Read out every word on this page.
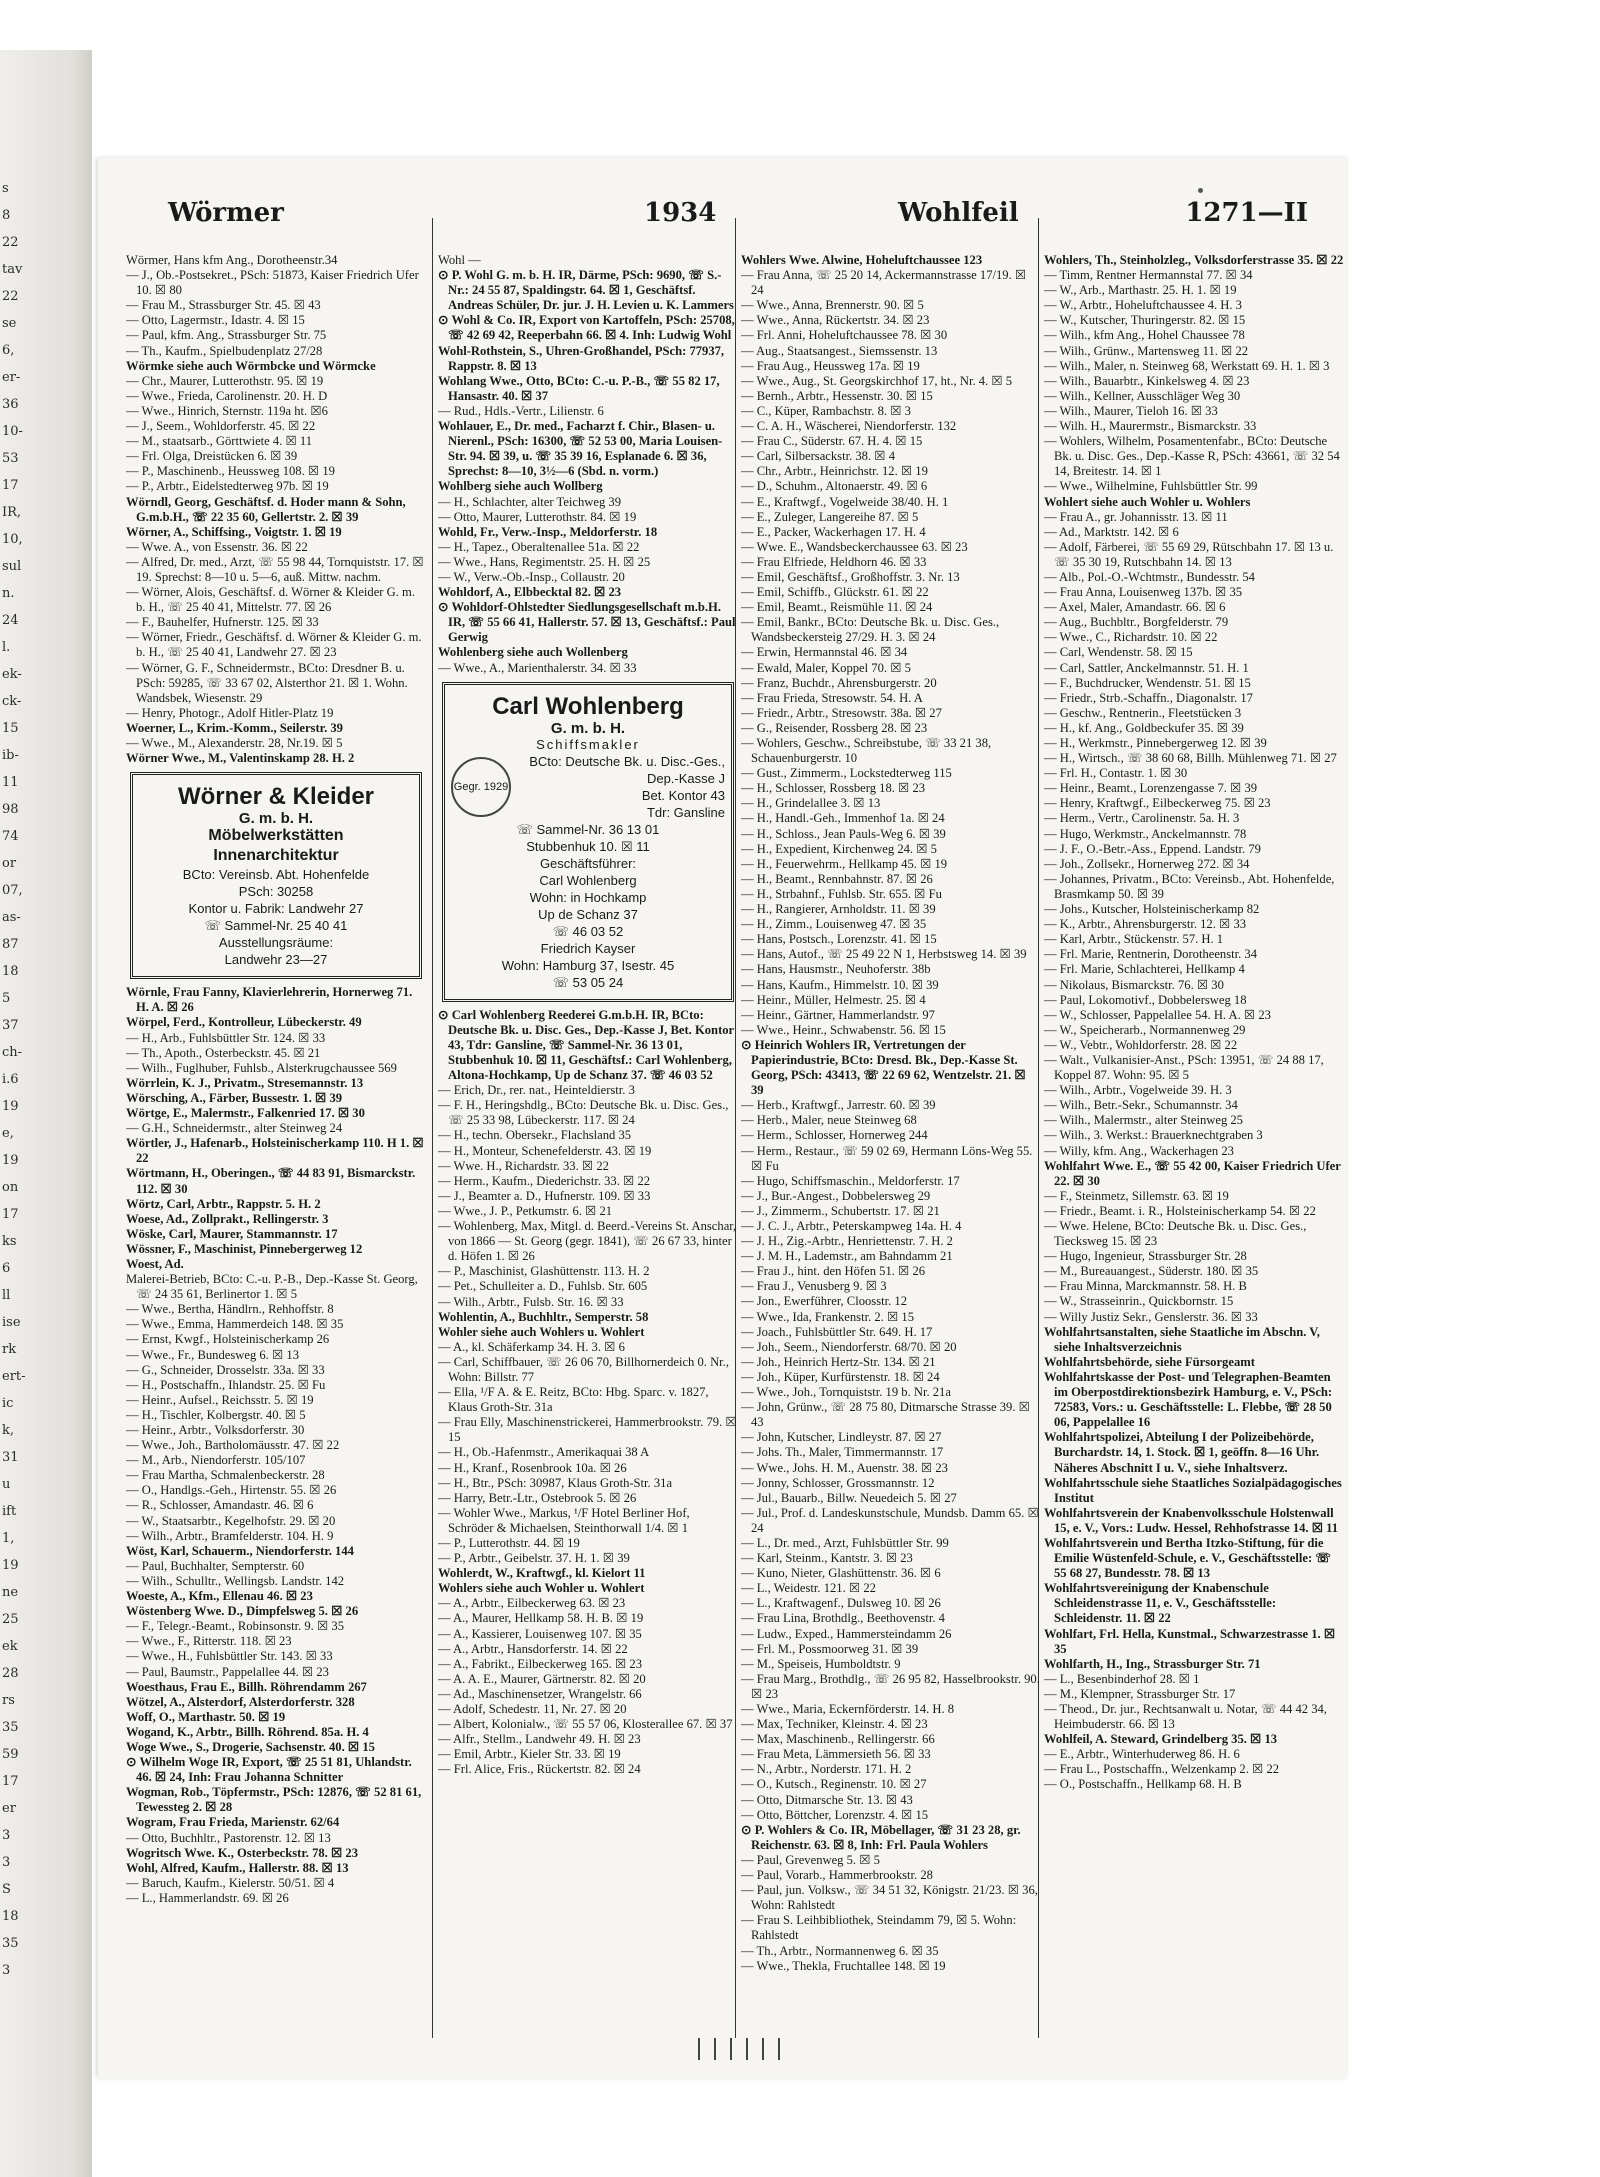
s
8
22
tav
22
se
6,
er-
36
10-
53
17
IR,
10,
sul
n.
24
l.
ek-
ck-
15
ib-
11
98
74
or
07,
as-
87
18
5
37
ch-
i.6
19
e,
19
on
17
ks
6
ll
ise
rk
ert-
ic
k,
31
u
ift
1,
19
ne
25
ek
28
rs
35
59
17
er
3
3
S
18
35
3
Wörmer	1934	Wohlfeil	1271—II

Wörmer, Hans kfm Ang., Dorotheenstr.34

— J., Ob.-Postsekret., PSch: 51873, Kaiser Friedrich Ufer 10. ☒ 80

— Frau M., Strassburger Str. 45. ☒ 43

— Otto, Lagermstr., Idastr. 4. ☒ 15

— Paul, kfm. Ang., Strassburger Str. 75

— Th., Kaufm., Spielbudenplatz 27/28

Wörmke siehe auch Wörmbcke und Wörmcke

— Chr., Maurer, Lutterothstr. 95. ☒ 19

— Wwe., Frieda, Carolinenstr. 20. H. D

— Wwe., Hinrich, Sternstr. 119a ht. ☒6

— J., Seem., Wohldorferstr. 45. ☒ 22

— M., staatsarb., Görttwiete 4. ☒ 11

— Frl. Olga, Dreistücken 6. ☒ 39

— P., Maschinenb., Heussweg 108. ☒ 19

— P., Arbtr., Eidelstedterweg 97b. ☒ 19

Wörndl, Georg, Geschäftsf. d. Hoder mann & Sohn, G.m.b.H., ☏ 22 35 60, Gellertstr. 2. ☒ 39

Wörner, A., Schiffsing., Voigtstr. 1. ☒ 19

— Wwe. A., von Essenstr. 36. ☒ 22

— Alfred, Dr. med., Arzt, ☏ 55 98 44, Tornquiststr. 17. ☒ 19. Sprechst: 8—10 u. 5—6, auß. Mittw. nachm.

— Wörner, Alois, Geschäftsf. d. Wörner & Kleider G. m. b. H., ☏ 25 40 41, Mittelstr. 77. ☒ 26

— F., Bauhelfer, Hufnerstr. 125. ☒ 33

— Wörner, Friedr., Geschäftsf. d. Wörner & Kleider G. m. b. H., ☏ 25 40 41, Landwehr 27. ☒ 23

— Wörner, G. F., Schneidermstr., BCto: Dresdner B. u. PSch: 59285, ☏ 33 67 02, Alsterthor 21. ☒ 1. Wohn. Wandsbek, Wiesenstr. 29

— Henry, Photogr., Adolf Hitler-Platz 19

Woerner, L., Krim.-Komm., Seilerstr. 39

— Wwe., M., Alexanderstr. 28, Nr.19. ☒ 5

Wörner Wwe., M., Valentinskamp 28. H. 2

Wörner & Kleider
G. m. b. H.
Möbelwerkstätten
Innenarchitektur
BCto: Vereinsb. Abt. Hohenfelde
PSch: 30258
Kontor u. Fabrik: Landwehr 27
☏ Sammel-Nr. 25 40 41
Ausstellungsräume:
Landwehr 23—27

Wörnle, Frau Fanny, Klavierlehrerin, Hornerweg 71. H. A. ☒ 26

Wörpel, Ferd., Kontrolleur, Lübeckerstr. 49

— H., Arb., Fuhlsbüttler Str. 124. ☒ 33

— Th., Apoth., Osterbeckstr. 45. ☒ 21

— Wilh., Fuglhuber, Fuhlsb., Alsterkrugchaussee 569

Wörrlein, K. J., Privatm., Stresemannstr. 13

Wörsching, A., Färber, Bussestr. 1. ☒ 39

Wörtge, E., Malermstr., Falkenried 17. ☒ 30

— G.H., Schneidermstr., alter Steinweg 24

Wörtler, J., Hafenarb., Holsteinischerkamp 110. H 1. ☒ 22

Wörtmann, H., Oberingen., ☏ 44 83 91, Bismarckstr. 112. ☒ 30

Wörtz, Carl, Arbtr., Rappstr. 5. H. 2

Woese, Ad., Zollprakt., Rellingerstr. 3

Wöske, Carl, Maurer, Stammannstr. 17

Wössner, F., Maschinist, Pinnebergerweg 12

Woest, Ad.

Malerei-Betrieb, BCto: C.-u. P.-B., Dep.-Kasse St. Georg, ☏ 24 35 61, Berlinertor 1. ☒ 5

— Wwe., Bertha, Händlrn., Rehhoffstr. 8

— Wwe., Emma, Hammerdeich 148. ☒ 35

— Ernst, Kwgf., Holsteinischerkamp 26

— Wwe., Fr., Bundesweg 6. ☒ 13

— G., Schneider, Drosselstr. 33a. ☒ 33

— H., Postschaffn., Ihlandstr. 25. ☒ Fu

— Heinr., Aufsel., Reichsstr. 5. ☒ 19

— H., Tischler, Kolbergstr. 40. ☒ 5

— Heinr., Arbtr., Volksdorferstr. 30

— Wwe., Joh., Bartholomäusstr. 47. ☒ 22

— M., Arb., Niendorferstr. 105/107

— Frau Martha, Schmalenbeckerstr. 28

— O., Handlgs.-Geh., Hirtenstr. 55. ☒ 26

— R., Schlosser, Amandastr. 46. ☒ 6

— W., Staatsarbtr., Kegelhofstr. 29. ☒ 20

— Wilh., Arbtr., Bramfelderstr. 104. H. 9

Wöst, Karl, Schauerm., Niendorferstr. 144

— Paul, Buchhalter, Sempterstr. 60

— Wilh., Schulltr., Wellingsb. Landstr. 142

Woeste, A., Kfm., Ellenau 46. ☒ 23

Wöstenberg Wwe. D., Dimpfelsweg 5. ☒ 26

— F., Telegr.-Beamt., Robinsonstr. 9. ☒ 35

— Wwe., F., Ritterstr. 118. ☒ 23

— Wwe., H., Fuhlsbüttler Str. 143. ☒ 33

— Paul, Baumstr., Pappelallee 44. ☒ 23

Woesthaus, Frau E., Billh. Röhrendamm 267

Wötzel, A., Alsterdorf, Alsterdorferstr. 328

Woff, O., Marthastr. 50. ☒ 19

Wogand, K., Arbtr., Billh. Röhrend. 85a. H. 4

Woge Wwe., S., Drogerie, Sachsenstr. 40. ☒ 15

⊙ Wilhelm Woge IR, Export, ☏ 25 51 81, Uhlandstr. 46. ☒ 24, Inh: Frau Johanna Schnitter

Wogman, Rob., Töpfermstr., PSch: 12876, ☏ 52 81 61, Tewessteg 2. ☒ 28

Wogram, Frau Frieda, Marienstr. 62/64

— Otto, Buchhltr., Pastorenstr. 12. ☒ 13

Wogritsch Wwe. K., Osterbeckstr. 78. ☒ 23

Wohl, Alfred, Kaufm., Hallerstr. 88. ☒ 13

— Baruch, Kaufm., Kielerstr. 50/51. ☒ 4

— L., Hammerlandstr. 69. ☒ 26

Wohl —

⊙ P. Wohl G. m. b. H. IR, Därme, PSch: 9690, ☏ S.-Nr.: 24 55 87, Spaldingstr. 64. ☒ 1, Geschäftsf. Andreas Schüler, Dr. jur. J. H. Levien u. K. Lammers

⊙ Wohl & Co. IR, Export von Kartoffeln, PSch: 25708, ☏ 42 69 42, Reeperbahn 66. ☒ 4. Inh: Ludwig Wohl

Wohl-Rothstein, S., Uhren-Großhandel, PSch: 77937, Rappstr. 8. ☒ 13

Wohlang Wwe., Otto, BCto: C.-u. P.-B., ☏ 55 82 17, Hansastr. 40. ☒ 37

— Rud., Hdls.-Vertr., Lilienstr. 6

Wohlauer, E., Dr. med., Facharzt f. Chir., Blasen- u. Nierenl., PSch: 16300, ☏ 52 53 00, Maria Louisen-Str. 94. ☒ 39, u. ☏ 35 39 16, Esplanade 6. ☒ 36, Sprechst: 8—10, 3½—6 (Sbd. n. vorm.)

Wohlberg siehe auch Wollberg

— H., Schlachter, alter Teichweg 39

— Otto, Maurer, Lutterothstr. 84. ☒ 19

Wohld, Fr., Verw.-Insp., Meldorferstr. 18

— H., Tapez., Oberaltenallee 51a. ☒ 22

— Wwe., Hans, Regimentstr. 25. H. ☒ 25

— W., Verw.-Ob.-Insp., Collaustr. 20

Wohldorf, A., Elbbecktal 82. ☒ 23

⊙ Wohldorf-Ohlstedter Siedlungsgesellschaft m.b.H. IR, ☏ 55 66 41, Hallerstr. 57. ☒ 13, Geschäftsf.: Paul Gerwig

Wohlenberg siehe auch Wollenberg

— Wwe., A., Marienthalerstr. 34. ☒ 33

Carl Wohlenberg
G. m. b. H.
Schiffsmakler
Gegr. 1929
BCto: Deutsche Bk. u. Disc.-Ges., Dep.-Kasse J
Bet. Kontor 43
Tdr: Gansline
☏ Sammel-Nr. 36 13 01
Stubbenhuk 10. ☒ 11
Geschäftsführer:
Carl Wohlenberg
Wohn: in Hochkamp
Up de Schanz 37
☏ 46 03 52
Friedrich Kayser
Wohn: Hamburg 37, Isestr. 45
☏ 53 05 24

⊙ Carl Wohlenberg Reederei G.m.b.H. IR, BCto: Deutsche Bk. u. Disc. Ges., Dep.-Kasse J, Bet. Kontor 43, Tdr: Gansline, ☏ Sammel-Nr. 36 13 01, Stubbenhuk 10. ☒ 11, Geschäftsf.: Carl Wohlenberg, Altona-Hochkamp, Up de Schanz 37. ☏ 46 03 52

— Erich, Dr., rer. nat., Heinteldierstr. 3

— F. H., Heringshdlg., BCto: Deutsche Bk. u. Disc. Ges., ☏ 25 33 98, Lübeckerstr. 117. ☒ 24

— H., techn. Obersekr., Flachsland 35

— H., Monteur, Schenefelderstr. 43. ☒ 19

— Wwe. H., Richardstr. 33. ☒ 22

— Herm., Kaufm., Diederichstr. 33. ☒ 22

— J., Beamter a. D., Hufnerstr. 109. ☒ 33

— Wwe., J. P., Petkumstr. 6. ☒ 21

— Wohlenberg, Max, Mitgl. d. Beerd.-Vereins St. Anschar, von 1866 — St. Georg (gegr. 1841), ☏ 26 67 33, hinter d. Höfen 1. ☒ 26

— P., Maschinist, Glashüttenstr. 113. H. 2

— Pet., Schulleiter a. D., Fuhlsb. Str. 605

— Wilh., Arbtr., Fulsb. Str. 16. ☒ 33

Wohlentin, A., Buchhltr., Semperstr. 58

Wohler siehe auch Wohlers u. Wohlert

— A., kl. Schäferkamp 34. H. 3. ☒ 6

— Carl, Schiffbauer, ☏ 26 06 70, Billhornerdeich 0. Nr., Wohn: Billstr. 77

— Ella, ¹/F A. & E. Reitz, BCto: Hbg. Sparc. v. 1827, Klaus Groth-Str. 31a

— Frau Elly, Maschinenstrickerei, Hammerbrookstr. 79. ☒ 15

— H., Ob.-Hafenmstr., Amerikaquai 38 A

— H., Kranf., Rosenbrook 10a. ☒ 26

— H., Btr., PSch: 30987, Klaus Groth-Str. 31a

— Harry, Betr.-Ltr., Ostebrook 5. ☒ 26

— Wohler Wwe., Markus, ¹/F Hotel Berliner Hof, Schröder & Michaelsen, Steinthorwall 1/4. ☒ 1

— P., Lutterothstr. 44. ☒ 19

— P., Arbtr., Geibelstr. 37. H. 1. ☒ 39

Wohlerdt, W., Kraftwgf., kl. Kielort 11

Wohlers siehe auch Wohler u. Wohlert

— A., Arbtr., Eilbeckerweg 63. ☒ 23

— A., Maurer, Hellkamp 58. H. B. ☒ 19

— A., Kassierer, Louisenweg 107. ☒ 35

— A., Arbtr., Hansdorferstr. 14. ☒ 22

— A., Fabrikt., Eilbeckerweg 165. ☒ 23

— A. A. E., Maurer, Gärtnerstr. 82. ☒ 20

— Ad., Maschinensetzer, Wrangelstr. 66

— Adolf, Schedestr. 11, Nr. 27. ☒ 20

— Albert, Kolonialw., ☏ 55 57 06, Klosterallee 67. ☒ 37

— Alfr., Stellm., Landwehr 49. H. ☒ 23

— Emil, Arbtr., Kieler Str. 33. ☒ 19

— Frl. Alice, Fris., Rückertstr. 82. ☒ 24

Wohlers Wwe. Alwine, Hoheluftchaussee 123

— Frau Anna, ☏ 25 20 14, Ackermannstrasse 17/19. ☒ 24

— Wwe., Anna, Brennerstr. 90. ☒ 5

— Wwe., Anna, Rückertstr. 34. ☒ 23

— Frl. Anni, Hoheluftchaussee 78. ☒ 30

— Aug., Staatsangest., Siemssenstr. 13

— Frau Aug., Heussweg 17a. ☒ 19

— Wwe., Aug., St. Georgskirchhof 17, ht., Nr. 4. ☒ 5

— Bernh., Arbtr., Hessenstr. 30. ☒ 15

— C., Küper, Rambachstr. 8. ☒ 3

— C. A. H., Wäscherei, Niendorferstr. 132

— Frau C., Süderstr. 67. H. 4. ☒ 15

— Carl, Silbersackstr. 38. ☒ 4

— Chr., Arbtr., Heinrichstr. 12. ☒ 19

— D., Schuhm., Altonaerstr. 49. ☒ 6

— E., Kraftwgf., Vogelweide 38/40. H. 1

— E., Zuleger, Langereihe 87. ☒ 5

— E., Packer, Wackerhagen 17. H. 4

— Wwe. E., Wandsbeckerchaussee 63. ☒ 23

— Frau Elfriede, Heldhorn 46. ☒ 33

— Emil, Geschäftsf., Großhoffstr. 3. Nr. 13

— Emil, Schiffb., Glückstr. 61. ☒ 22

— Emil, Beamt., Reismühle 11. ☒ 24

— Emil, Bankr., BCto: Deutsche Bk. u. Disc. Ges., Wandsbeckersteig 27/29. H. 3. ☒ 24

— Erwin, Hermannstal 46. ☒ 34

— Ewald, Maler, Koppel 70. ☒ 5

— Franz, Buchdr., Ahrensburgerstr. 20

— Frau Frieda, Stresowstr. 54. H. A

— Friedr., Arbtr., Stresowstr. 38a. ☒ 27

— G., Reisender, Rossberg 28. ☒ 23

— Wohlers, Geschw., Schreibstube, ☏ 33 21 38, Schauenburgerstr. 10

— Gust., Zimmerm., Lockstedterweg 115

— H., Schlosser, Rossberg 18. ☒ 23

— H., Grindelallee 3. ☒ 13

— H., Handl.-Geh., Immenhof 1a. ☒ 24

— H., Schloss., Jean Pauls-Weg 6. ☒ 39

— H., Expedient, Kirchenweg 24. ☒ 5

— H., Feuerwehrm., Hellkamp 45. ☒ 19

— H., Beamt., Rennbahnstr. 87. ☒ 26

— H., Strbahnf., Fuhlsb. Str. 655. ☒ Fu

— H., Rangierer, Arnholdstr. 11. ☒ 39

— H., Zimm., Louisenweg 47. ☒ 35

— Hans, Postsch., Lorenzstr. 41. ☒ 15

— Hans, Autof., ☏ 25 49 22 N 1, Herbstsweg 14. ☒ 39

— Hans, Hausmstr., Neuhoferstr. 38b

— Hans, Kaufm., Himmelstr. 10. ☒ 39

— Heinr., Müller, Helmestr. 25. ☒ 4

— Heinr., Gärtner, Hammerlandstr. 97

— Wwe., Heinr., Schwabenstr. 56. ☒ 15

⊙ Heinrich Wohlers IR, Vertretungen der Papierindustrie, BCto: Dresd. Bk., Dep.-Kasse St. Georg, PSch: 43413, ☏ 22 69 62, Wentzelstr. 21. ☒ 39

— Herb., Kraftwgf., Jarrestr. 60. ☒ 39

— Herb., Maler, neue Steinweg 68

— Herm., Schlosser, Hornerweg 244

— Herm., Restaur., ☏ 59 02 69, Hermann Löns-Weg 55. ☒ Fu

— Hugo, Schiffsmaschin., Meldorferstr. 17

— J., Bur.-Angest., Dobbelersweg 29

— J., Zimmerm., Schubertstr. 17. ☒ 21

— J. C. J., Arbtr., Peterskampweg 14a. H. 4

— J. H., Zig.-Arbtr., Henriettenstr. 7. H. 2

— J. M. H., Lademstr., am Bahndamm 21

— Frau J., hint. den Höfen 51. ☒ 26

— Frau J., Venusberg 9. ☒ 3

— Jon., Ewerführer, Cloosstr. 12

— Wwe., Ida, Frankenstr. 2. ☒ 15

— Joach., Fuhlsbüttler Str. 649. H. 17

— Joh., Seem., Niendorferstr. 68/70. ☒ 20

— Joh., Heinrich Hertz-Str. 134. ☒ 21

— Joh., Küper, Kurfürstenstr. 18. ☒ 24

— Wwe., Joh., Tornquiststr. 19 b. Nr. 21a

— John, Grünw., ☏ 28 75 80, Ditmarsche Strasse 39. ☒ 43

— John, Kutscher, Lindleystr. 87. ☒ 27

— Johs. Th., Maler, Timmermannstr. 17

— Wwe., Johs. H. M., Auenstr. 38. ☒ 23

— Jonny, Schlosser, Grossmannstr. 12

— Jul., Bauarb., Billw. Neuedeich 5. ☒ 27

— Jul., Prof. d. Landeskunstschule, Mundsb. Damm 65. ☒ 24

— L., Dr. med., Arzt, Fuhlsbüttler Str. 99

— Karl, Steinm., Kantstr. 3. ☒ 23

— Kuno, Nieter, Glashüttenstr. 36. ☒ 6

— L., Weidestr. 121. ☒ 22

— L., Kraftwagenf., Dulsweg 10. ☒ 26

— Frau Lina, Brothdlg., Beethovenstr. 4

— Ludw., Exped., Hammersteindamm 26

— Frl. M., Possmoorweg 31. ☒ 39

— M., Speiseis, Humboldtstr. 9

— Frau Marg., Brothdlg., ☏ 26 95 82, Hasselbrookstr. 90. ☒ 23

— Wwe., Maria, Eckernförderstr. 14. H. 8

— Max, Techniker, Kleinstr. 4. ☒ 23

— Max, Maschinenb., Rellingerstr. 66

— Frau Meta, Lämmersieth 56. ☒ 33

— N., Arbtr., Norderstr. 171. H. 2

— O., Kutsch., Reginenstr. 10. ☒ 27

— Otto, Ditmarsche Str. 13. ☒ 43

— Otto, Böttcher, Lorenzstr. 4. ☒ 15

⊙ P. Wohlers & Co. IR, Möbellager, ☏ 31 23 28, gr. Reichenstr. 63. ☒ 8, Inh: Frl. Paula Wohlers

— Paul, Grevenweg 5. ☒ 5

— Paul, Vorarb., Hammerbrookstr. 28

— Paul, jun. Volksw., ☏ 34 51 32, Königstr. 21/23. ☒ 36, Wohn: Rahlstedt

— Frau S. Leihbibliothek, Steindamm 79, ☒ 5. Wohn: Rahlstedt

— Th., Arbtr., Normannenweg 6. ☒ 35

— Wwe., Thekla, Fruchtallee 148. ☒ 19

Wohlers, Th., Steinholzleg., Volksdorferstrasse 35. ☒ 22

— Timm, Rentner Hermannstal 77. ☒ 34

— W., Arb., Marthastr. 25. H. 1. ☒ 19

— W., Arbtr., Hoheluftchaussee 4. H. 3

— W., Kutscher, Thuringerstr. 82. ☒ 15

— Wilh., kfm Ang., Hohel Chaussee 78

— Wilh., Grünw., Martensweg 11. ☒ 22

— Wilh., Maler, n. Steinweg 68, Werkstatt 69. H. 1. ☒ 3

— Wilh., Bauarbtr., Kinkelsweg 4. ☒ 23

— Wilh., Kellner, Ausschläger Weg 30

— Wilh., Maurer, Tieloh 16. ☒ 33

— Wilh. H., Maurermstr., Bismarckstr. 33

— Wohlers, Wilhelm, Posamentenfabr., BCto: Deutsche Bk. u. Disc. Ges., Dep.-Kasse R, PSch: 43661, ☏ 32 54 14, Breitestr. 14. ☒ 1

— Wwe., Wilhelmine, Fuhlsbüttler Str. 99

Wohlert siehe auch Wohler u. Wohlers

— Frau A., gr. Johannisstr. 13. ☒ 11

— Ad., Marktstr. 142. ☒ 6

— Adolf, Färberei, ☏ 55 69 29, Rütschbahn 17. ☒ 13 u. ☏ 35 30 19, Rutschbahn 14. ☒ 13

— Alb., Pol.-O.-Wchtmstr., Bundesstr. 54

— Frau Anna, Louisenweg 137b. ☒ 35

— Axel, Maler, Amandastr. 66. ☒ 6

— Aug., Buchbltr., Borgfelderstr. 79

— Wwe., C., Richardstr. 10. ☒ 22

— Carl, Wendenstr. 58. ☒ 15

— Carl, Sattler, Anckelmannstr. 51. H. 1

— F., Buchdrucker, Wendenstr. 51. ☒ 15

— Friedr., Strb.-Schaffn., Diagonalstr. 17

— Geschw., Rentnerin., Fleetstücken 3

— H., kf. Ang., Goldbeckufer 35. ☒ 39

— H., Werkmstr., Pinnebergerweg 12. ☒ 39

— H., Wirtsch., ☏ 38 60 68, Billh. Mühlenweg 71. ☒ 27

— Frl. H., Contastr. 1. ☒ 30

— Heinr., Beamt., Lorenzengasse 7. ☒ 39

— Henry, Kraftwgf., Eilbeckerweg 75. ☒ 23

— Herm., Vertr., Carolinenstr. 5a. H. 3

— Hugo, Werkmstr., Anckelmannstr. 78

— J. F., O.-Betr.-Ass., Eppend. Landstr. 79

— Joh., Zollsekr., Hornerweg 272. ☒ 34

— Johannes, Privatm., BCto: Vereinsb., Abt. Hohenfelde, Brasmkamp 50. ☒ 39

— Johs., Kutscher, Holsteinischerkamp 82

— K., Arbtr., Ahrensburgerstr. 12. ☒ 33

— Karl, Arbtr., Stückenstr. 57. H. 1

— Frl. Marie, Rentnerin, Dorotheenstr. 34

— Frl. Marie, Schlachterei, Hellkamp 4

— Nikolaus, Bismarckstr. 76. ☒ 30

— Paul, Lokomotivf., Dobbelersweg 18

— W., Schlosser, Pappelallee 54. H. A. ☒ 23

— W., Speicherarb., Normannenweg 29

— W., Vebtr., Wohldorferstr. 28. ☒ 22

— Walt., Vulkanisier-Anst., PSch: 13951, ☏ 24 88 17, Koppel 87. Wohn: 95. ☒ 5

— Wilh., Arbtr., Vogelweide 39. H. 3

— Wilh., Betr.-Sekr., Schumannstr. 34

— Wilh., Malermstr., alter Steinweg 25

— Wilh., 3. Werkst.: Brauerknechtgraben 3

— Willy, kfm. Ang., Wackerhagen 23

Wohlfahrt Wwe. E., ☏ 55 42 00, Kaiser Friedrich Ufer 22. ☒ 30

— F., Steinmetz, Sillemstr. 63. ☒ 19

— Friedr., Beamt. i. R., Holsteinischerkamp 54. ☒ 22

— Wwe. Helene, BCto: Deutsche Bk. u. Disc. Ges., Tiecksweg 15. ☒ 23

— Hugo, Ingenieur, Strassburger Str. 28

— M., Bureauangest., Süderstr. 180. ☒ 35

— Frau Minna, Marckmannstr. 58. H. B

— W., Strasseinrin., Quickbornstr. 15

— Willy Justiz Sekr., Genslerstr. 36. ☒ 33

Wohlfahrtsanstalten, siehe Staatliche im Abschn. V, siehe Inhaltsverzeichnis

Wohlfahrtsbehörde, siehe Fürsorgeamt

Wohlfahrtskasse der Post- und Telegraphen-Beamten im Oberpostdirektionsbezirk Hamburg, e. V., PSch: 72583, Vors.: u. Geschäftsstelle: L. Flebbe, ☏ 28 50 06, Pappelallee 16

Wohlfahrtspolizei, Abteilung I der Polizeibehörde, Burchardstr. 14, 1. Stock. ☒ 1, geöffn. 8—16 Uhr. Näheres Abschnitt I u. V., siehe Inhaltsverz.

Wohlfahrtsschule siehe Staatliches Sozialpädagogisches Institut

Wohlfahrtsverein der Knabenvolksschule Holstenwall 15, e. V., Vors.: Ludw. Hessel, Rehhofstrasse 14. ☒ 11

Wohlfahrtsverein und Bertha Itzko-Stiftung, für die Emilie Wüstenfeld-Schule, e. V., Geschäftsstelle: ☏ 55 68 27, Bundesstr. 78. ☒ 13

Wohlfahrtsvereinigung der Knabenschule Schleidenstrasse 11, e. V., Geschäftsstelle: Schleidenstr. 11. ☒ 22

Wohlfart, Frl. Hella, Kunstmal., Schwarzestrasse 1. ☒ 35

Wohlfarth, H., Ing., Strassburger Str. 71

— L., Besenbinderhof 28. ☒ 1

— M., Klempner, Strassburger Str. 17

— Theod., Dr. jur., Rechtsanwalt u. Notar, ☏ 44 42 34, Heimbuderstr. 66. ☒ 13

Wohlfeil, A. Steward, Grindelberg 35. ☒ 13

— E., Arbtr., Winterhuderweg 86. H. 6

— Frau L., Postschaffn., Welzenkamp 2. ☒ 22

— O., Postschaffn., Hellkamp 68. H. B
